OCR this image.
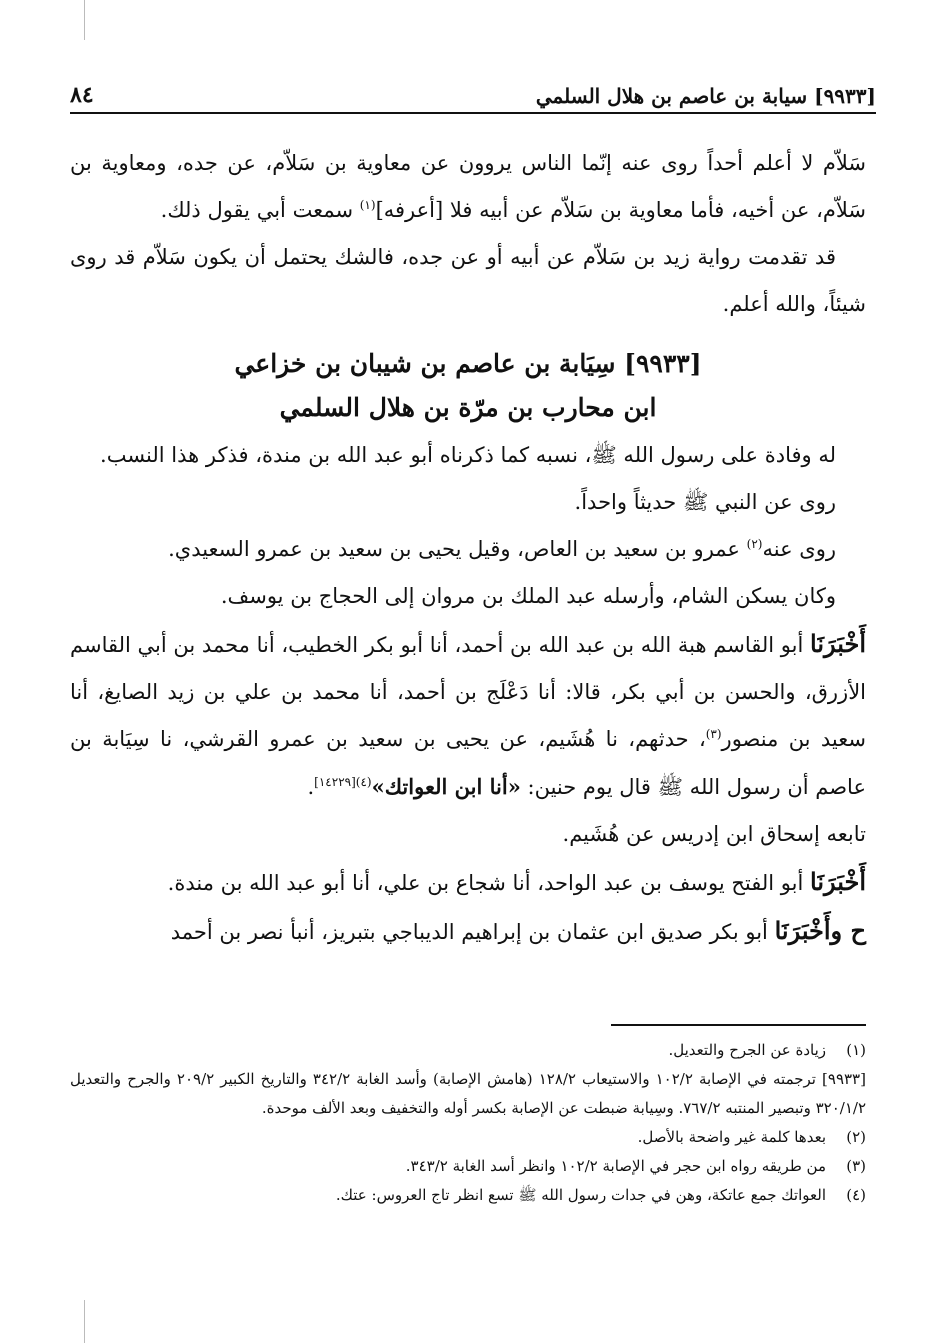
[٩٩٣٣] سيابة بن عاصم بن هلال السلمي
٨٤

سَلاّم لا أعلم أحداً روى عنه إنّما الناس يروون عن معاوية بن سَلاّم، عن جده، ومعاوية بن سَلاّم، عن أخيه، فأما معاوية بن سَلاّم عن أبيه فلا [أعرفه]$^{(١)}$ سمعت أبي يقول ذلك.

قد تقدمت رواية زيد بن سَلاّم عن أبيه أو عن جده، فالشك يحتمل أن يكون سَلاّم قد روى شيئاً، والله أعلم.

[٩٩٣٣] سِيَابة بن عاصم بن شيبان بن خزاعي
ابن محارب بن مرّة بن هلال السلمي

له وفادة على رسول الله ﷺ، نسبه كما ذكرناه أبو عبد الله بن مندة، فذكر هذا النسب.

روى عن النبي ﷺ حديثاً واحداً.

روى عنه$^{(٢)}$ عمرو بن سعيد بن العاص، وقيل يحيى بن سعيد بن عمرو السعيدي.

وكان يسكن الشام، وأرسله عبد الملك بن مروان إلى الحجاج بن يوسف.

أَخْبَرَنَا أبو القاسم هبة الله بن عبد الله بن أحمد، أنا أبو بكر الخطيب، أنا محمد بن أبي القاسم الأزرق، والحسن بن أبي بكر، قالا: أنا دَعْلَج بن أحمد، أنا محمد بن علي بن زيد الصايغ، أنا سعيد بن منصور$^{(٣)}$، حدثهم، نا هُشَيم، عن يحيى بن سعيد بن عمرو القرشي، نا سِيَابة بن عاصم أن رسول الله ﷺ قال يوم حنين: «أنا ابن العواتك»$^{(٤)[١٤٢٢٩]}$.

تابعه إسحاق ابن إدريس عن هُشَيم.

أَخْبَرَنَا أبو الفتح يوسف بن عبد الواحد، أنا شجاع بن علي، أنا أبو عبد الله بن مندة.

ح وأَخْبَرَنَا أبو بكر صديق ابن عثمان بن إبراهيم الديباجي بتبريز، أنبأ نصر بن أحمد

(١)زيادة عن الجرح والتعديل.

[٩٩٣٣] ترجمته في الإصابة ١٠٢/٢ والاستيعاب ١٢٨/٢ (هامش الإصابة) وأسد الغابة ٣٤٢/٢ والتاريخ الكبير ٢٠٩/٢ والجرح والتعديل ٣٢٠/١/٢ وتبصير المنتبه ٧٦٧/٢. وسِيابة ضبطت عن الإصابة بكسر أوله والتخفيف وبعد الألف موحدة.

(٢)بعدها كلمة غير واضحة بالأصل.

(٣)من طريقه رواه ابن حجر في الإصابة ١٠٢/٢ وانظر أسد الغابة ٣٤٣/٢.

(٤)العواتك جمع عاتكة، وهن في جدات رسول الله ﷺ تسع انظر تاج العروس: عتك.
